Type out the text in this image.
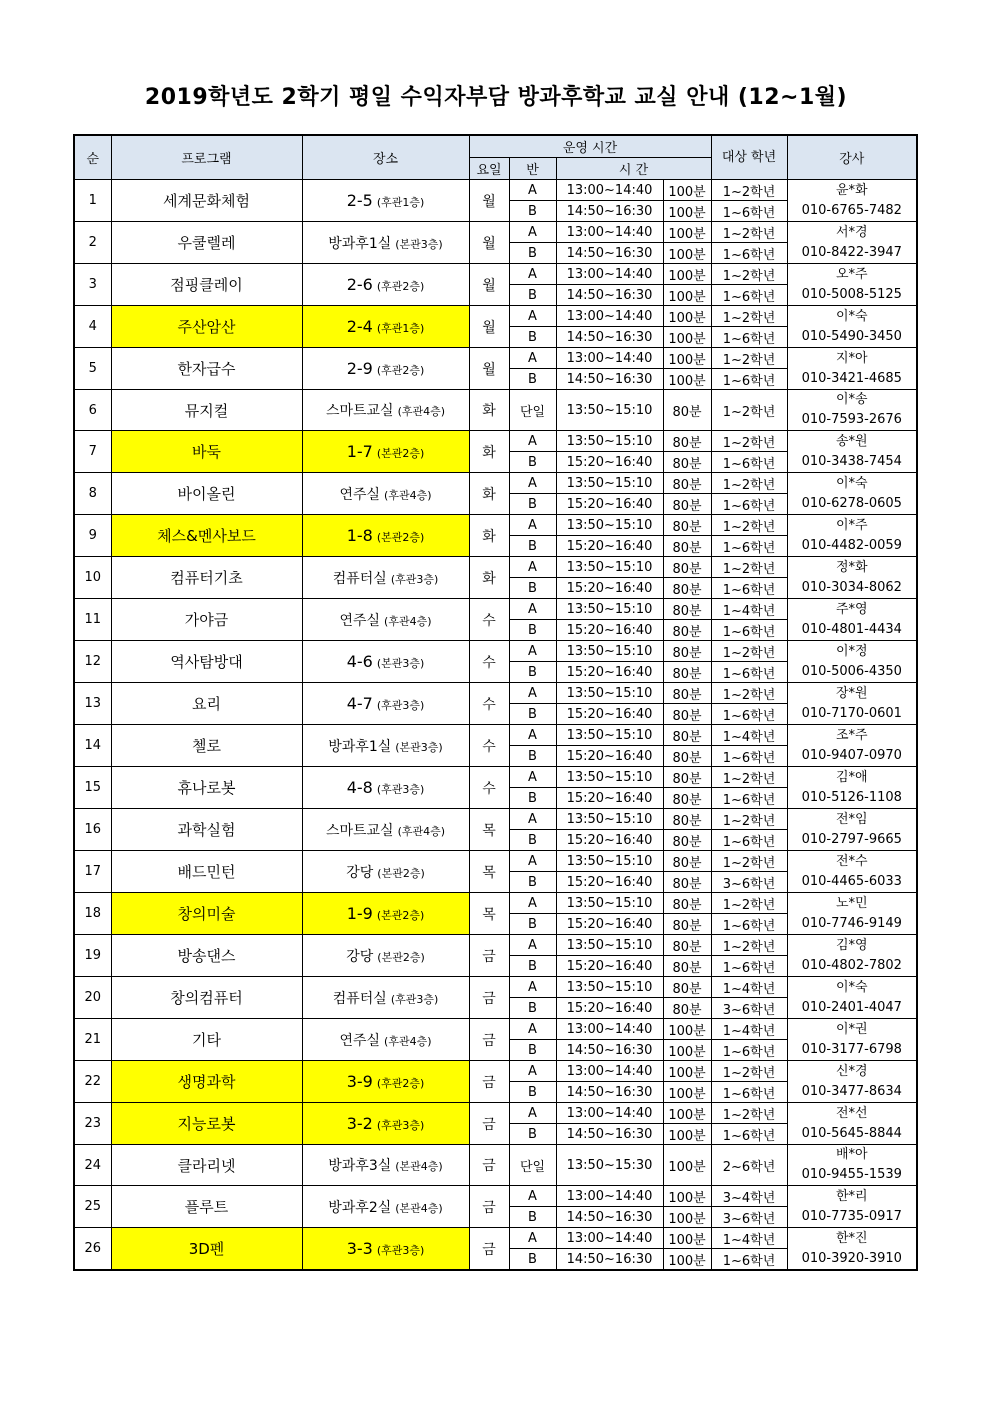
2019학년도 2학기 평일 수익자부담 방과후학교 교실 안내 (12~1월)
순	프로그램	장소	운영 시간				대상 학년	강사
			요일	반	시 간			
1	세계문화체험	2-5 (후관1층)	월	A	13:00~14:40	100분	1~2학년	윤*화
010-6765-7482

				B	14:50~16:30	100분	1~6학년	
2	우쿨렐레	방과후1실 (본관3층)	월	A	13:00~14:40	100분	1~2학년	서*경
010-8422-3947

				B	14:50~16:30	100분	1~6학년	
3	점핑클레이	2-6 (후관2층)	월	A	13:00~14:40	100분	1~2학년	오*주
010-5008-5125

				B	14:50~16:30	100분	1~6학년	
4	주산암산	2-4 (후관1층)	월	A	13:00~14:40	100분	1~2학년	이*숙
010-5490-3450

				B	14:50~16:30	100분	1~6학년	
5	한자급수	2-9 (후관2층)	월	A	13:00~14:40	100분	1~2학년	지*아
010-3421-4685

				B	14:50~16:30	100분	1~6학년	
6	뮤지컬	스마트교실 (후관4층)	화	단일	13:50~15:10	80분	1~2학년	이*송
010-7593-2676

7	바둑	1-7 (본관2층)	화	A	13:50~15:10	80분	1~2학년	송*원
010-3438-7454

				B	15:20~16:40	80분	1~6학년	
8	바이올린	연주실 (후관4층)	화	A	13:50~15:10	80분	1~2학년	이*숙
010-6278-0605

				B	15:20~16:40	80분	1~6학년	
9	체스&멘사보드	1-8 (본관2층)	화	A	13:50~15:10	80분	1~2학년	이*주
010-4482-0059

				B	15:20~16:40	80분	1~6학년	
10	컴퓨터기초	컴퓨터실 (후관3층)	화	A	13:50~15:10	80분	1~2학년	정*화
010-3034-8062

				B	15:20~16:40	80분	1~6학년	
11	가야금	연주실 (후관4층)	수	A	13:50~15:10	80분	1~4학년	주*영
010-4801-4434

				B	15:20~16:40	80분	1~6학년	
12	역사탐방대	4-6 (본관3층)	수	A	13:50~15:10	80분	1~2학년	이*정
010-5006-4350

				B	15:20~16:40	80분	1~6학년	
13	요리	4-7 (후관3층)	수	A	13:50~15:10	80분	1~2학년	장*원
010-7170-0601

				B	15:20~16:40	80분	1~6학년	
14	첼로	방과후1실 (본관3층)	수	A	13:50~15:10	80분	1~4학년	조*주
010-9407-0970

				B	15:20~16:40	80분	1~6학년	
15	휴나로봇	4-8 (후관3층)	수	A	13:50~15:10	80분	1~2학년	김*애
010-5126-1108

				B	15:20~16:40	80분	1~6학년	
16	과학실험	스마트교실 (후관4층)	목	A	13:50~15:10	80분	1~2학년	전*임
010-2797-9665

				B	15:20~16:40	80분	1~6학년	
17	배드민턴	강당 (본관2층)	목	A	13:50~15:10	80분	1~2학년	전*수
010-4465-6033

				B	15:20~16:40	80분	3~6학년	
18	창의미술	1-9 (본관2층)	목	A	13:50~15:10	80분	1~2학년	노*민
010-7746-9149

				B	15:20~16:40	80분	1~6학년	
19	방송댄스	강당 (본관2층)	금	A	13:50~15:10	80분	1~2학년	김*영
010-4802-7802

				B	15:20~16:40	80분	1~6학년	
20	창의컴퓨터	컴퓨터실 (후관3층)	금	A	13:50~15:10	80분	1~4학년	이*숙
010-2401-4047

				B	15:20~16:40	80분	3~6학년	
21	기타	연주실 (후관4층)	금	A	13:00~14:40	100분	1~4학년	이*권
010-3177-6798

				B	14:50~16:30	100분	1~6학년	
22	생명과학	3-9 (후관2층)	금	A	13:00~14:40	100분	1~2학년	신*경
010-3477-8634

				B	14:50~16:30	100분	1~6학년	
23	지능로봇	3-2 (후관3층)	금	A	13:00~14:40	100분	1~2학년	전*선
010-5645-8844

				B	14:50~16:30	100분	1~6학년	
24	클라리넷	방과후3실 (본관4층)	금	단일	13:50~15:30	100분	2~6학년	배*아
010-9455-1539

25	플루트	방과후2실 (본관4층)	금	A	13:00~14:40	100분	3~4학년	한*리
010-7735-0917

				B	14:50~16:30	100분	3~6학년	
26	3D펜	3-3 (후관3층)	금	A	13:00~14:40	100분	1~4학년	한*진
010-3920-3910

				B	14:50~16:30	100분	1~6학년	
